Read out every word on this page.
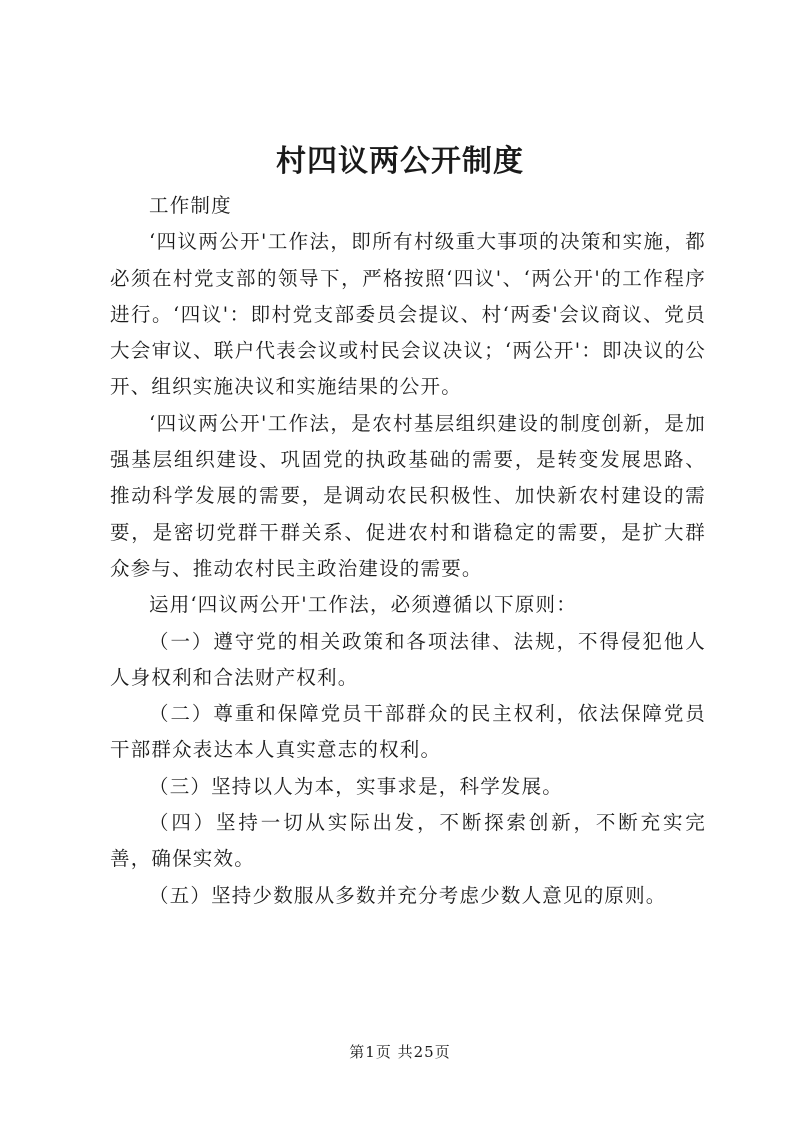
村四议两公开制度

工作制度

‘四议两公开'工作法，即所有村级重大事项的决策和实施，都必须在村党支部的领导下，严格按照‘四议'、‘两公开'的工作程序进行。‘四议'：即村党支部委员会提议、村‘两委'会议商议、党员大会审议、联户代表会议或村民会议决议；‘两公开'：即决议的公开、组织实施决议和实施结果的公开。

‘四议两公开'工作法，是农村基层组织建设的制度创新，是加强基层组织建设、巩固党的执政基础的需要，是转变发展思路、推动科学发展的需要，是调动农民积极性、加快新农村建设的需要，是密切党群干群关系、促进农村和谐稳定的需要，是扩大群众参与、推动农村民主政治建设的需要。

运用‘四议两公开'工作法，必须遵循以下原则：

（一）遵守党的相关政策和各项法律、法规，不得侵犯他人人身权利和合法财产权利。

（二）尊重和保障党员干部群众的民主权利，依法保障党员干部群众表达本人真实意志的权利。

（三）坚持以人为本，实事求是，科学发展。

（四）坚持一切从实际出发，不断探索创新，不断充实完善，确保实效。

（五）坚持少数服从多数并充分考虑少数人意见的原则。

第1页 共25页
